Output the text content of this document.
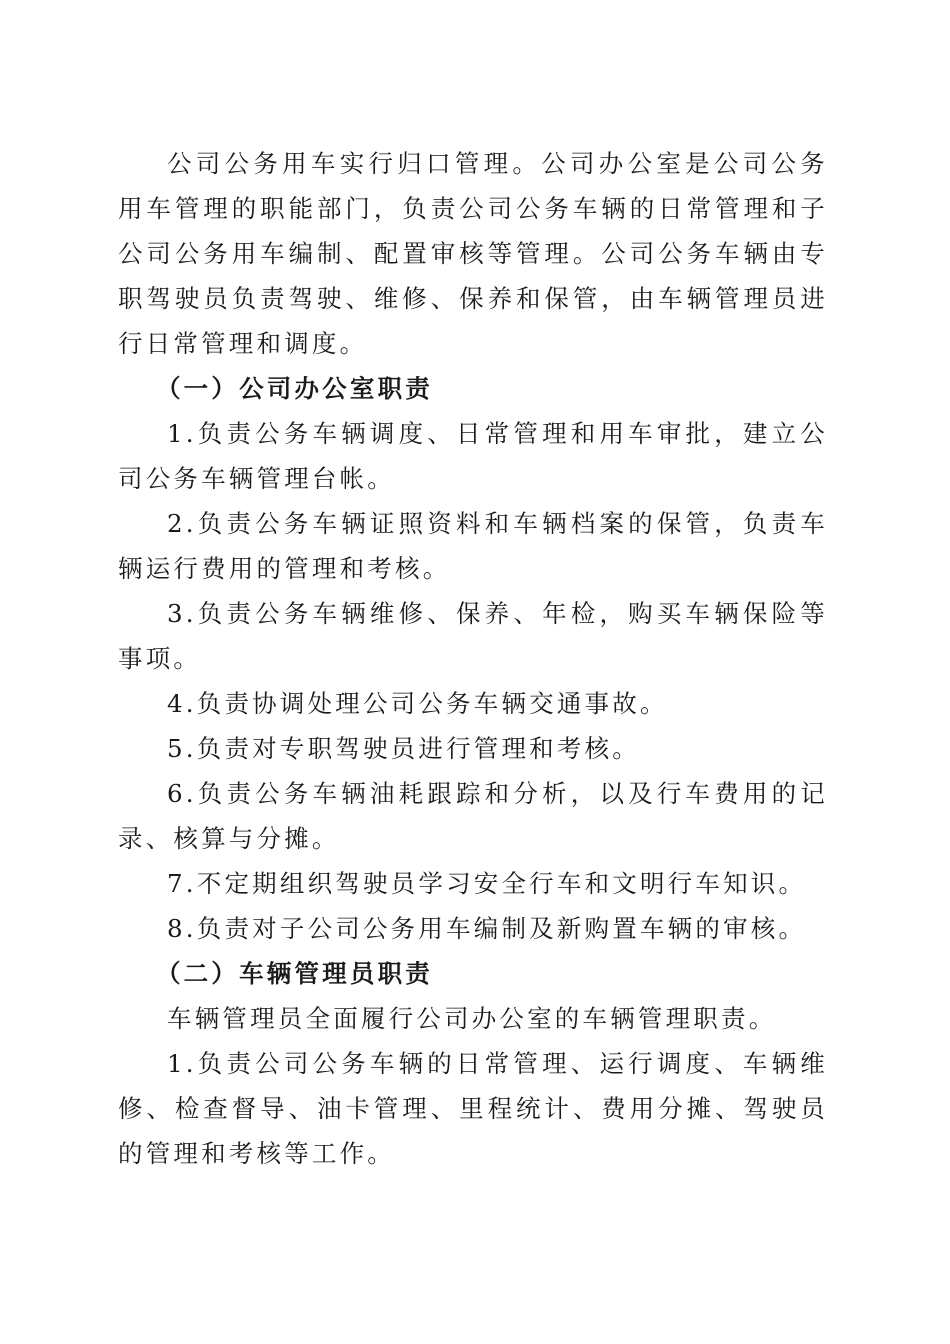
公司公务用车实行归口管理。公司办公室是公司公务用车管理的职能部门，负责公司公务车辆的日常管理和子公司公务用车编制、配置审核等管理。公司公务车辆由专职驾驶员负责驾驶、维修、保养和保管，由车辆管理员进行日常管理和调度。

（一）公司办公室职责

1.负责公务车辆调度、日常管理和用车审批，建立公司公务车辆管理台帐。

2.负责公务车辆证照资料和车辆档案的保管，负责车辆运行费用的管理和考核。

3.负责公务车辆维修、保养、年检，购买车辆保险等事项。

4.负责协调处理公司公务车辆交通事故。

5.负责对专职驾驶员进行管理和考核。

6.负责公务车辆油耗跟踪和分析，以及行车费用的记录、核算与分摊。

7.不定期组织驾驶员学习安全行车和文明行车知识。

8.负责对子公司公务用车编制及新购置车辆的审核。

（二）车辆管理员职责

车辆管理员全面履行公司办公室的车辆管理职责。

1.负责公司公务车辆的日常管理、运行调度、车辆维修、检查督导、油卡管理、里程统计、费用分摊、驾驶员的管理和考核等工作。
